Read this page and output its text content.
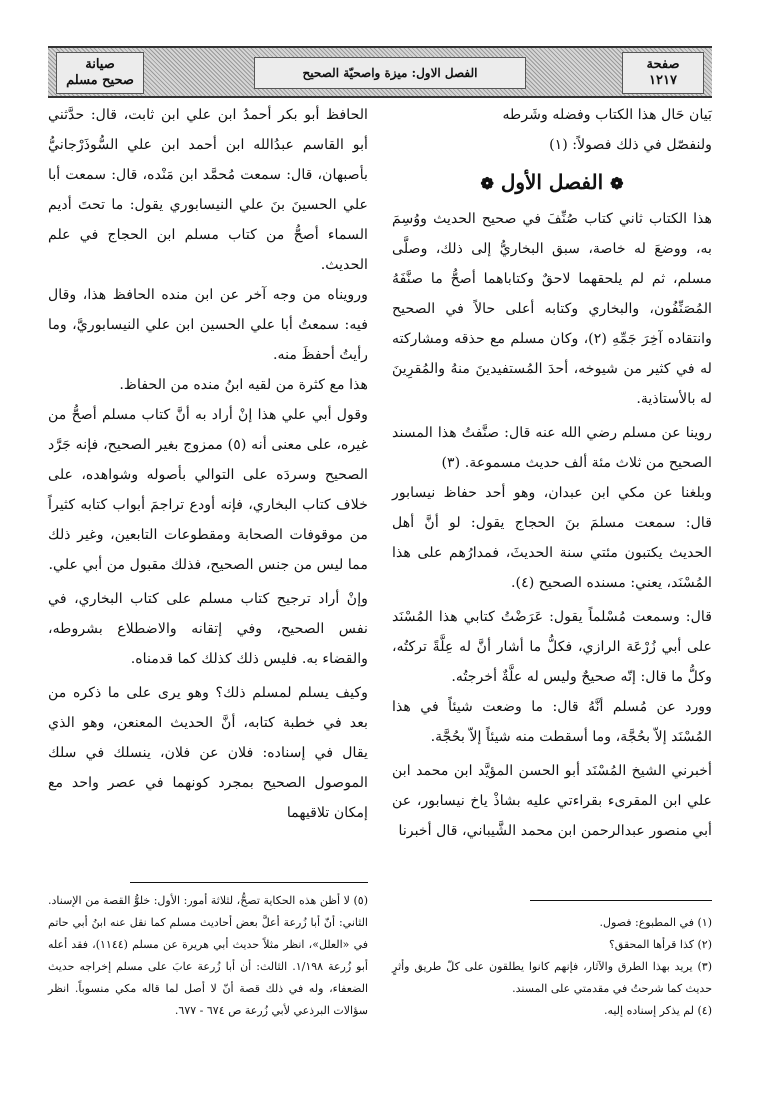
صفحة
١٢١٧
الفصل الاول: ميزة واصحيّة الصحيح
صيانة
صحيح مسلم

بَيان حَال هذا الكتاب وفضله وشَرطه

ولنفصّل في ذلك فصولاً: (١)

❁ الفصل الأول ❁

هذا الكتاب ثاني كتاب صُنِّفَ في صحيح الحديث ووُسِمَ به، ووضعَ له خاصة، سبق البخاريُّ إلى ذلك، وصلَّى مسلم، ثم لم يلحقهما لاحقٌ وكتاباهما أصحُّ ما صنَّفَهُ المُصَنِّفُون، والبخاري وكتابه أعلى حالاً في الصحيح وانتقاده آخِرَ جَمِّهِ (٢)، وكان مسلم مع حذقه ومشاركته له في كثير من شيوخه، أحدَ المُستفيدينَ منهُ والمُقرِينَ له بالأستاذية.

روينا عن مسلم رضي الله عنه قال: صنَّفتُ هذا المسند الصحيح من ثلاث مئة ألف حديث مسموعة. (٣)

وبلغنا عن مكي ابن عبدان، وهو أحد حفاظ نيسابور قال: سمعت مسلمَ بنَ الحجاج يقول: لو أنَّ أهل الحديث يكتبون مئتي سنة الحديثَ، فمدارُهم على هذا المُسْنَد، يعني: مسنده الصحيح (٤).

قال: وسمعت مُسْلماً يقول: عَرَضْتُ كتابي هذا المُسْنَد على أبي زُرْعَة الرازي، فكلُّ ما أشار أنَّ له عِلَّةً تركتُه، وكلُّ ما قال: إنّه صحيحٌ وليس له علَّةٌ أخرجتُه.

وورد عن مُسلم أنَّهُ قال: ما وضعت شيئاً في هذا المُسْنَد إلاّ بحُجَّة، وما أسقطت منه شيئاً إلاّ بحُجَّة.

أخبرني الشيخ المُسْنَد أبو الحسن المؤيَّد ابن محمد ابن علي ابن المقرىء بقراءتي عليه بشاذْ ياخ نيسابور، عن أبي منصور عبدالرحمن ابن محمد الشَّيباني، قال أخبرنا

الحافظ أبو بكر أحمدُ ابن علي ابن ثابت، قال: حدَّثني أبو القاسم عبدُالله ابن أحمد ابن علي السُّوذَرْجانيُّ بأصبهان، قال: سمعت مُحمَّد ابن مَنْده، قال: سمعت أبا علي الحسينَ بنَ علي النيسابوري يقول: ما تحتَ أديم السماء أصحُّ من كتاب مسلم ابن الحجاج في علم الحديث.

ورويناه من وجه آخر عن ابن منده الحافظ هذا، وقال فيه: سمعتُ أبا علي الحسين ابن علي النيسابوريَّ، وما رأيتُ أحفظَ منه.

هذا مع كثرة من لقيه ابنُ منده من الحفاظ.

وقول أبي علي هذا إنْ أراد به أنَّ كتاب مسلم أصحُّ من غيره، على معنى أنه (٥) ممزوج بغير الصحيح، فإنه جَرَّد الصحيح وسردَه على التوالي بأصوله وشواهده، على خلاف كتاب البخاري، فإنه أودع تراجمَ أبواب كتابه كثيراً من موقوفات الصحابة ومقطوعات التابعين، وغير ذلك مما ليس من جنس الصحيح، فذلك مقبول من أبي علي.

وإنْ أراد ترجيح كتاب مسلم على كتاب البخاري، في نفس الصحيح، وفي إتقانه والاضطلاع بشروطه، والقضاء به. فليس ذلك كذلك كما قدمناه.

وكيف يسلم لمسلم ذلك؟ وهو يرى على ما ذكره من بعد في خطبة كتابه، أنَّ الحديث المعنعن، وهو الذي يقال في إسناده: فلان عن فلان، ينسلك في سلك الموصول الصحيح بمجرد كونهما في عصر واحد مع إمكان تلاقيهما

(١) في المطبوع: فصول.

(٢) كذا قرأها المحقق؟

(٣) يريد بهذا الطرق والآثار، فإنهم كانوا يطلقون على كلّ طريق وأثرٍ حديث كما شرحتُ في مقدمتي على المسند.

(٤) لم يذكر إسناده إليه.

(٥) لا أظن هذه الحكاية تصحُّ، لثلاثة أمور: الأول: خلوُّ القصة من الإسناد. الثاني: أنّ أبا زُرعة أعلَّ بعض أحاديث مسلم كما نقل عنه ابنُ أبي حاتم في «العلل»، انظر مثلاً حديث أبي هريرة عن مسلم (١١٤٤)، فقد أعله أبو زُرعة ١/١٩٨. الثالث: أن أبا زُرعة عابَ على مسلم إخراجه حديث الضعفاء، وله في ذلك قصة أنّ لا أصل لما قاله مكي منسوباً. انظر سؤالات البرذعي لأبي زُرعة ص ٦٧٤ - ٦٧٧.
